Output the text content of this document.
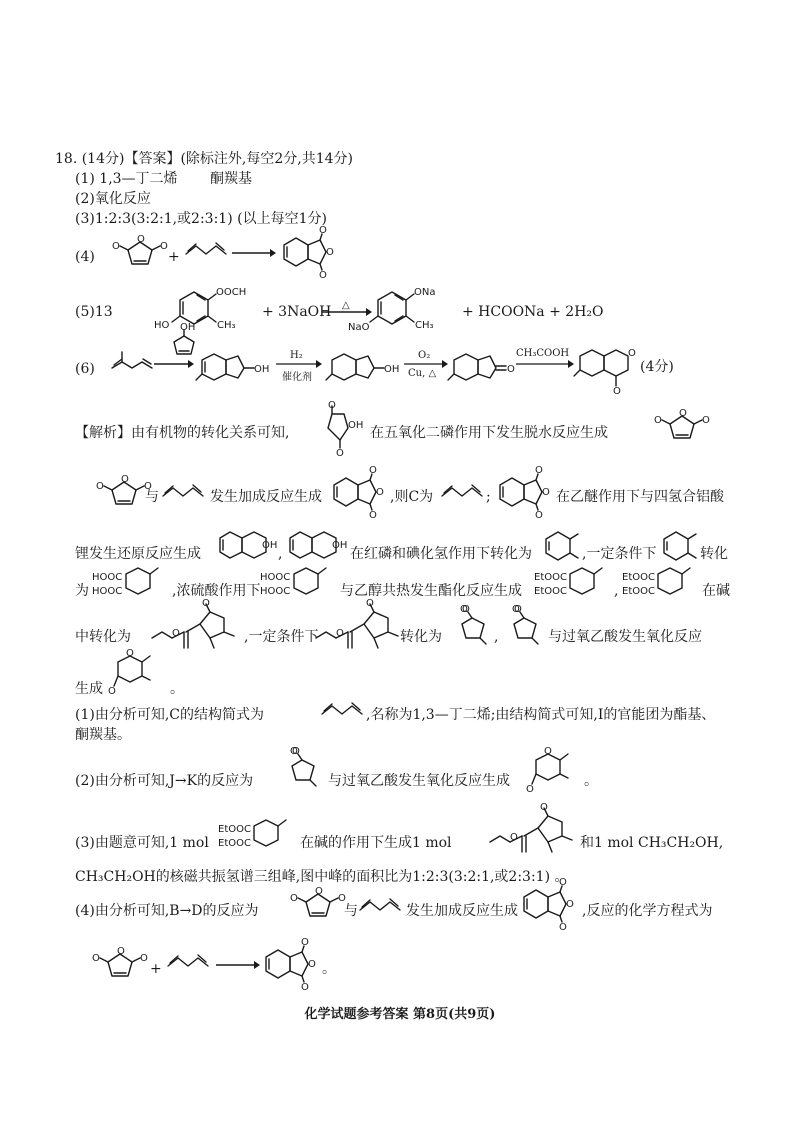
18. (14分)【答案】(除标注外,每空2分,共14分)
(1) 1,3—丁二烯 酮羰基
(2)氧化反应
(3)1:2:3(3:2:1,或2:3:1) (以上每空1分)
(4)	+
(5)13
OOCH
CH₃
HO
+ 3NaOH △
ONa
CH₃
NaO
+ HCOONa + 2H₂O
(6)
OH
OH
H₂
催化剂
OH
O₂
Cu, △	O
CH₃COOH	O
O
(4分)
【解析】由有机物的转化关系可知,
O
O
OH 在五氧化二磷作用下发生脱水反应生成
与	发生加成反应生成	,则C为	;	在乙醚作用下与四氢合铝酸
锂发生还原反应生成
OH
,
OH
在红磷和碘化氢作用下转化为	,一定条件下	转化
为
HOOC
HOOC	,浓硫酸作用下
HOOC
HOOC	与乙醇共热发生酯化反应生成
EtOOC
EtOOC	,
EtOOC
EtOOC	在碱
中转化为	O
O
,一定条件下 O
O
转化为
O
,
O
与过氧乙酸发生氧化反应
生成
O
O	。
(1)由分析可知,C的结构简式为	,名称为1,3—丁二烯;由结构简式可知,I的官能团为酯基、
酮羰基。
(2)由分析可知,J→K的反应为
O
与过氧乙酸发生氧化反应生成
O
O
。
(3)由题意可知,1 mol
EtOOC
EtOOC	在碱的作用下生成1 mol	O
O
和1 mol CH₃CH₂OH,
CH₃CH₂OH的核磁共振氢谱三组峰,图中峰的面积比为1:2:3(3:2:1,或2:3:1) 。
(4)由分析可知,B→D的反应为	与	发生加成反应生成	,反应的化学方程式为
+	。
化学试题参考答案 第8页(共9页)
